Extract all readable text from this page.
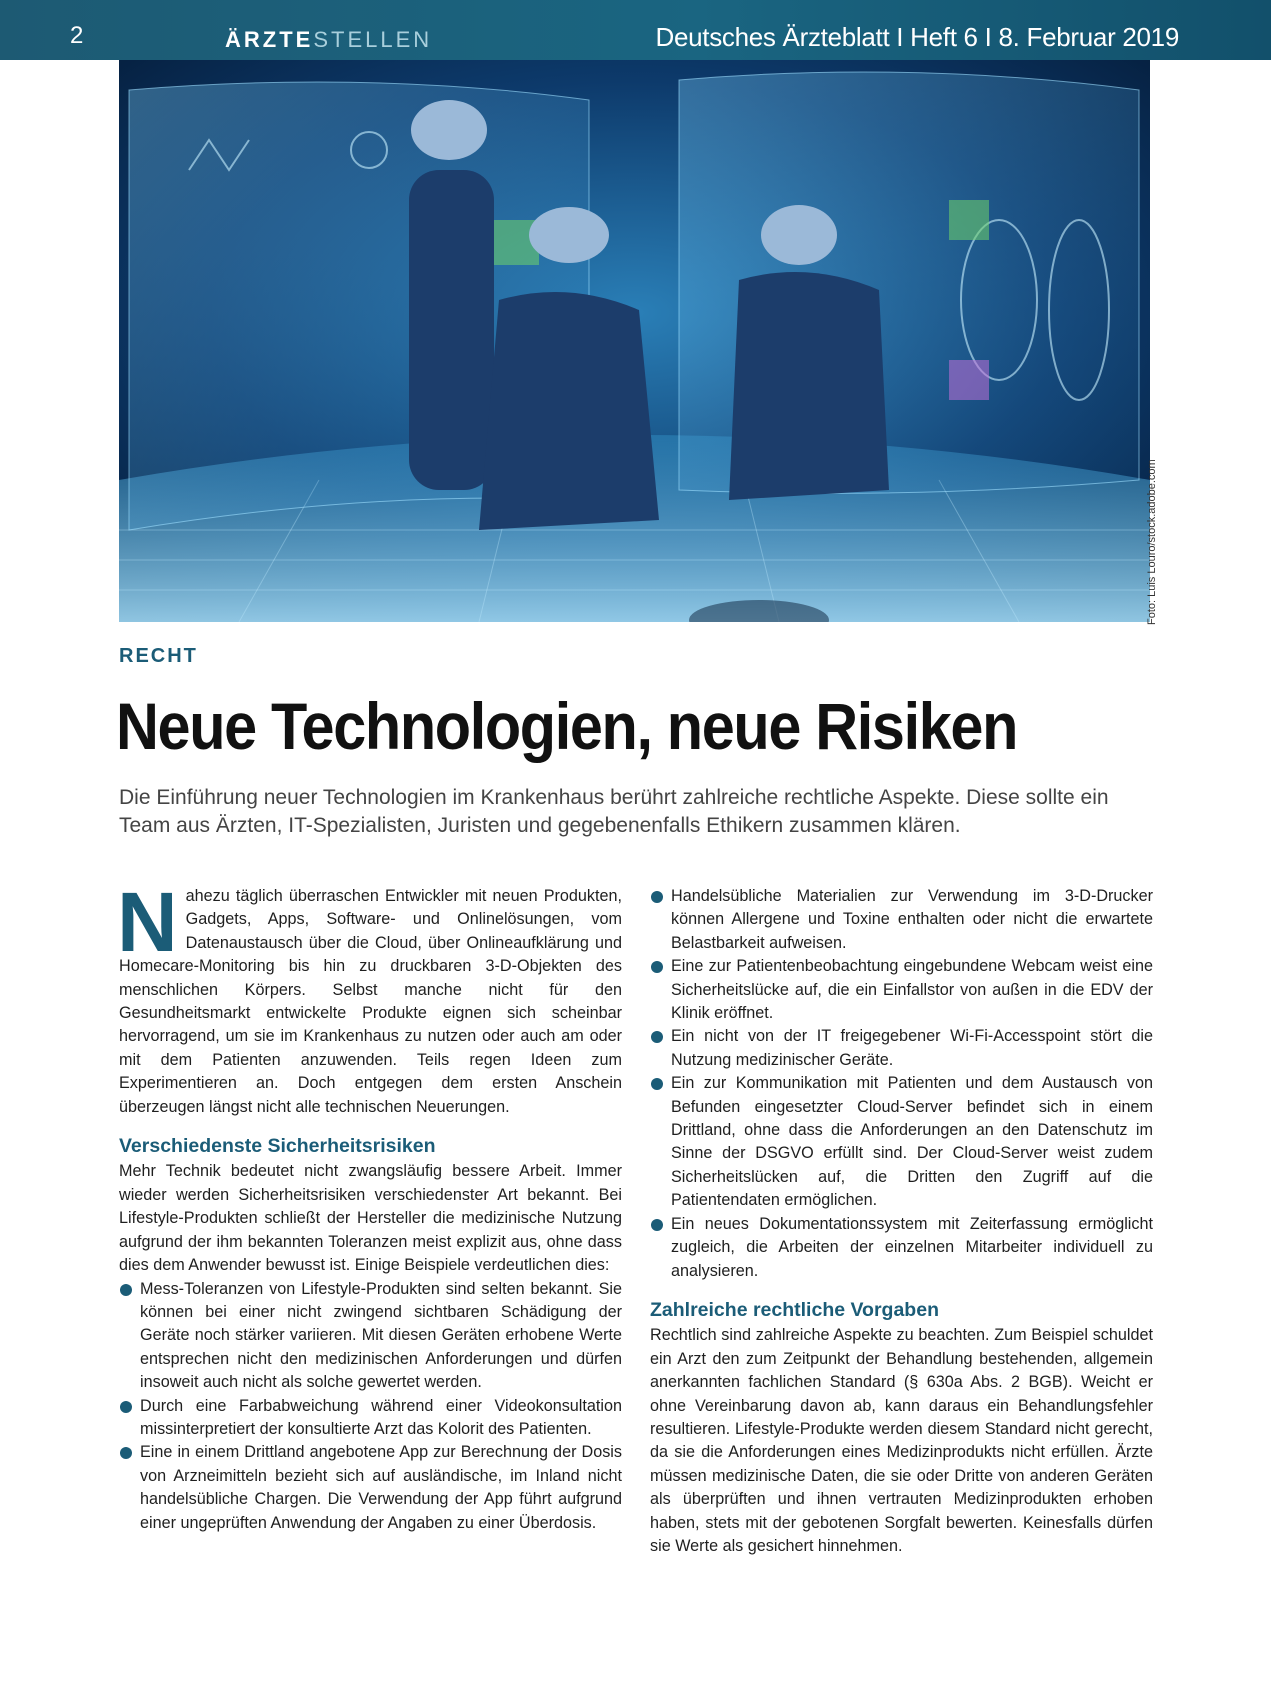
2	ÄRZTESTELLEN	Deutsches Ärzteblatt I Heft 6 I 8. Februar 2019
Foto: Luis Louro/stock.adobe.com
RECHT
Neue Technologien, neue Risiken
Die Einführung neuer Technologien im Krankenhaus berührt zahlreiche rechtliche Aspekte. Diese sollte ein Team aus Ärzten, IT-Spezialisten, Juristen und gegebenenfalls Ethikern zusammen klären.

Nahezu täglich überraschen Entwickler mit neuen Produkten, Gadgets, Apps, Software- und Onlinelösungen, vom Datenaustausch über die Cloud, über Onlineaufklärung und Homecare-Monitoring bis hin zu druckbaren 3-D-Objekten des menschlichen Körpers. Selbst manche nicht für den Gesundheitsmarkt entwickelte Produkte eignen sich scheinbar hervorragend, um sie im Krankenhaus zu nutzen oder auch am oder mit dem Patienten anzuwenden. Teils regen Ideen zum Experimentieren an. Doch entgegen dem ersten Anschein überzeugen längst nicht alle technischen Neuerungen.

Verschiedenste Sicherheitsrisiken

Mehr Technik bedeutet nicht zwangsläufig bessere Arbeit. Immer wieder werden Sicherheitsrisiken verschiedenster Art bekannt. Bei Lifestyle-Produkten schließt der Hersteller die medizinische Nutzung aufgrund der ihm bekannten Toleranzen meist explizit aus, ohne dass dies dem Anwender bewusst ist. Einige Beispiele verdeutlichen dies:

Mess-Toleranzen von Lifestyle-Produkten sind selten bekannt. Sie können bei einer nicht zwingend sichtbaren Schädigung der Geräte noch stärker variieren. Mit diesen Geräten erhobene Werte entsprechen nicht den medizinischen Anforderungen und dürfen insoweit auch nicht als solche gewertet werden.
Durch eine Farbabweichung während einer Videokonsultation missinterpretiert der konsultierte Arzt das Kolorit des Patienten.
Eine in einem Drittland angebotene App zur Berechnung der Dosis von Arzneimitteln bezieht sich auf ausländische, im Inland nicht handelsübliche Chargen. Die Verwendung der App führt aufgrund einer ungeprüften Anwendung der Angaben zu einer Überdosis.
Handelsübliche Materialien zur Verwendung im 3-D-Drucker können Allergene und Toxine enthalten oder nicht die erwartete Belastbarkeit aufweisen.
Eine zur Patientenbeobachtung eingebundene Webcam weist eine Sicherheitslücke auf, die ein Einfallstor von außen in die EDV der Klinik eröffnet.
Ein nicht von der IT freigegebener Wi-Fi-Accesspoint stört die Nutzung medizinischer Geräte.
Ein zur Kommunikation mit Patienten und dem Austausch von Befunden eingesetzter Cloud-Server befindet sich in einem Drittland, ohne dass die Anforderungen an den Datenschutz im Sinne der DSGVO erfüllt sind. Der Cloud-Server weist zudem Sicherheitslücken auf, die Dritten den Zugriff auf die Patientendaten ermöglichen.
Ein neues Dokumentationssystem mit Zeiterfassung ermöglicht zugleich, die Arbeiten der einzelnen Mitarbeiter individuell zu analysieren.

Zahlreiche rechtliche Vorgaben

Rechtlich sind zahlreiche Aspekte zu beachten. Zum Beispiel schuldet ein Arzt den zum Zeitpunkt der Behandlung bestehenden, allgemein anerkannten fachlichen Standard (§ 630a Abs. 2 BGB). Weicht er ohne Vereinbarung davon ab, kann daraus ein Behandlungsfehler resultieren. Lifestyle-Produkte werden diesem Standard nicht gerecht, da sie die Anforderungen eines Medizinprodukts nicht erfüllen. Ärzte müssen medizinische Daten, die sie oder Dritte von anderen Geräten als überprüften und ihnen vertrauten Medizinprodukten erhoben haben, stets mit der gebotenen Sorgfalt bewerten. Keinesfalls dürfen sie Werte als gesichert hinnehmen.
